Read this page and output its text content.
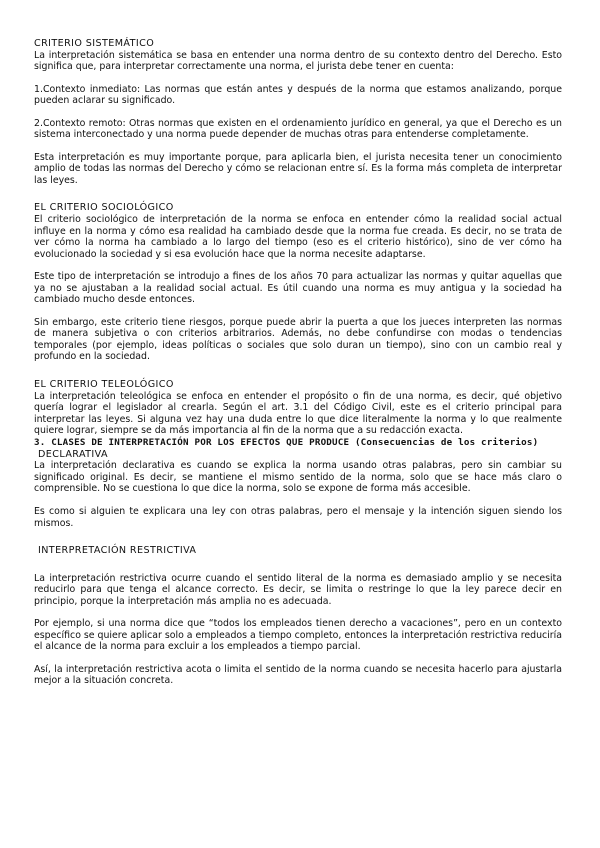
CRITERIO SISTEMÁTICO

La interpretación sistemática se basa en entender una norma dentro de su contexto dentro del Derecho. Esto significa que, para interpretar correctamente una norma, el jurista debe tener en cuenta:

1.Contexto inmediato: Las normas que están antes y después de la norma que estamos analizando, porque pueden aclarar su significado.

2.Contexto remoto: Otras normas que existen en el ordenamiento jurídico en general, ya que el Derecho es un sistema interconectado y una norma puede depender de muchas otras para entenderse completamente.

Esta interpretación es muy importante porque, para aplicarla bien, el jurista necesita tener un conocimiento amplio de todas las normas del Derecho y cómo se relacionan entre sí. Es la forma más completa de interpretar las leyes.

EL CRITERIO SOCIOLÓGICO

El criterio sociológico de interpretación de la norma se enfoca en entender cómo la realidad social actual influye en la norma y cómo esa realidad ha cambiado desde que la norma fue creada. Es decir, no se trata de ver cómo la norma ha cambiado a lo largo del tiempo (eso es el criterio histórico), sino de ver cómo ha evolucionado la sociedad y si esa evolución hace que la norma necesite adaptarse.

Este tipo de interpretación se introdujo a fines de los años 70 para actualizar las normas y quitar aquellas que ya no se ajustaban a la realidad social actual. Es útil cuando una norma es muy antigua y la sociedad ha cambiado mucho desde entonces.

Sin embargo, este criterio tiene riesgos, porque puede abrir la puerta a que los jueces interpreten las normas de manera subjetiva o con criterios arbitrarios. Además, no debe confundirse con modas o tendencias temporales (por ejemplo, ideas políticas o sociales que solo duran un tiempo), sino con un cambio real y profundo en la sociedad.

EL CRITERIO TELEOLÓGICO

La interpretación teleológica se enfoca en entender el propósito o fin de una norma, es decir, qué objetivo quería lograr el legislador al crearla. Según el art. 3.1 del Código Civil, este es el criterio principal para interpretar las leyes. Si alguna vez hay una duda entre lo que dice literalmente la norma y lo que realmente quiere lograr, siempre se da más importancia al fin de la norma que a su redacción exacta.

3. CLASES DE INTERPRETACIÓN POR LOS EFECTOS QUE PRODUCE (Consecuencias de los criterios)
DECLARATIVA

La interpretación declarativa es cuando se explica la norma usando otras palabras, pero sin cambiar su significado original. Es decir, se mantiene el mismo sentido de la norma, solo que se hace más claro o comprensible. No se cuestiona lo que dice la norma, solo se expone de forma más accesible.

Es como si alguien te explicara una ley con otras palabras, pero el mensaje y la intención siguen siendo los mismos.

INTERPRETACIÓN RESTRICTIVA

La interpretación restrictiva ocurre cuando el sentido literal de la norma es demasiado amplio y se necesita reducirlo para que tenga el alcance correcto. Es decir, se limita o restringe lo que la ley parece decir en principio, porque la interpretación más amplia no es adecuada.

Por ejemplo, si una norma dice que “todos los empleados tienen derecho a vacaciones”, pero en un contexto específico se quiere aplicar solo a empleados a tiempo completo, entonces la interpretación restrictiva reduciría el alcance de la norma para excluir a los empleados a tiempo parcial.

Así, la interpretación restrictiva acota o limita el sentido de la norma cuando se necesita hacerlo para ajustarla mejor a la situación concreta.
